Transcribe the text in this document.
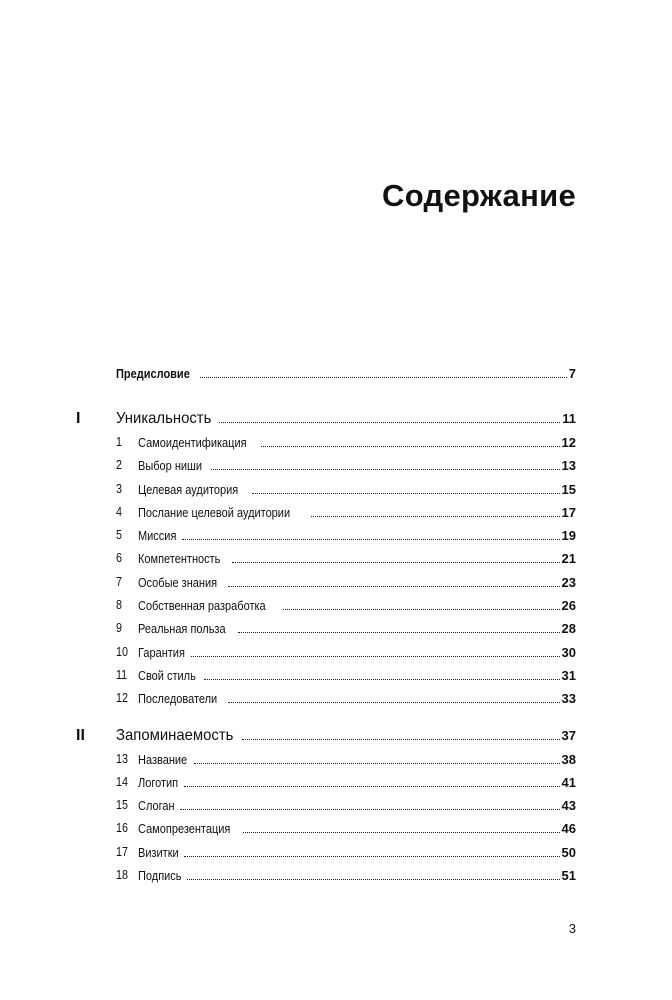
Содержание
Предисловие	7
I Уникальность	11
1 Самоидентификация	12
2 Выбор ниши	13
3 Целевая аудитория	15
4 Послание целевой аудитории	17
5 Миссия	19
6 Компетентность	21
7 Особые знания	23
8 Собственная разработка	26
9 Реальная польза	28
10 Гарантия	30
11 Свой стиль	31
12 Последователи	33
II Запоминаемость	37
13 Название	38
14 Логотип	41
15 Слоган	43
16 Самопрезентация	46
17 Визитки	50
18 Подпись	51
3
